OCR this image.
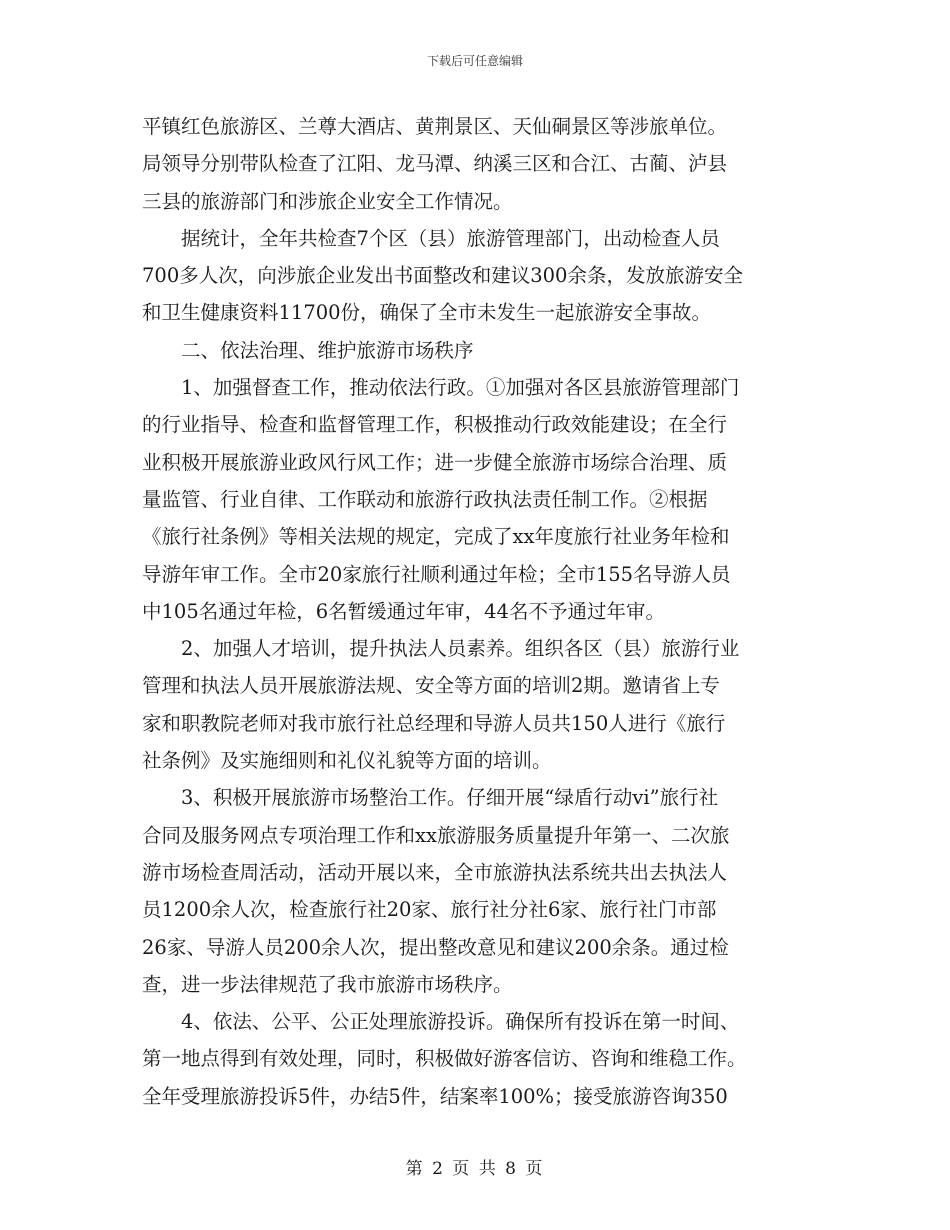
下载后可任意编辑

平镇红色旅游区、兰尊大酒店、黄荆景区、天仙硐景区等涉旅单位。
局领导分别带队检查了江阳、龙马潭、纳溪三区和合江、古蔺、泸县
三县的旅游部门和涉旅企业安全工作情况。

据统计，全年共检查7个区（县）旅游管理部门，出动检查人员
700多人次，向涉旅企业发出书面整改和建议300余条，发放旅游安全
和卫生健康资料11700份，确保了全市未发生一起旅游安全事故。

二、依法治理、维护旅游市场秩序

1、加强督查工作，推动依法行政。①加强对各区县旅游管理部门
的行业指导、检查和监督管理工作，积极推动行政效能建设；在全行
业积极开展旅游业政风行风工作；进一步健全旅游市场综合治理、质
量监管、行业自律、工作联动和旅游行政执法责任制工作。②根据
《旅行社条例》等相关法规的规定，完成了xx年度旅行社业务年检和
导游年审工作。全市20家旅行社顺利通过年检；全市155名导游人员
中105名通过年检，6名暂缓通过年审，44名不予通过年审。

2、加强人才培训，提升执法人员素养。组织各区（县）旅游行业
管理和执法人员开展旅游法规、安全等方面的培训2期。邀请省上专
家和职教院老师对我市旅行社总经理和导游人员共150人进行《旅行
社条例》及实施细则和礼仪礼貌等方面的培训。

3、积极开展旅游市场整治工作。仔细开展“绿盾行动vi”旅行社
合同及服务网点专项治理工作和xx旅游服务质量提升年第一、二次旅
游市场检查周活动，活动开展以来，全市旅游执法系统共出去执法人
员1200余人次，检查旅行社20家、旅行社分社6家、旅行社门市部
26家、导游人员200余人次，提出整改意见和建议200余条。通过检
查，进一步法律规范了我市旅游市场秩序。

4、依法、公平、公正处理旅游投诉。确保所有投诉在第一时间、
第一地点得到有效处理，同时，积极做好游客信访、咨询和维稳工作。
全年受理旅游投诉5件，办结5件，结案率100%；接受旅游咨询350

第 2 页 共 8 页
